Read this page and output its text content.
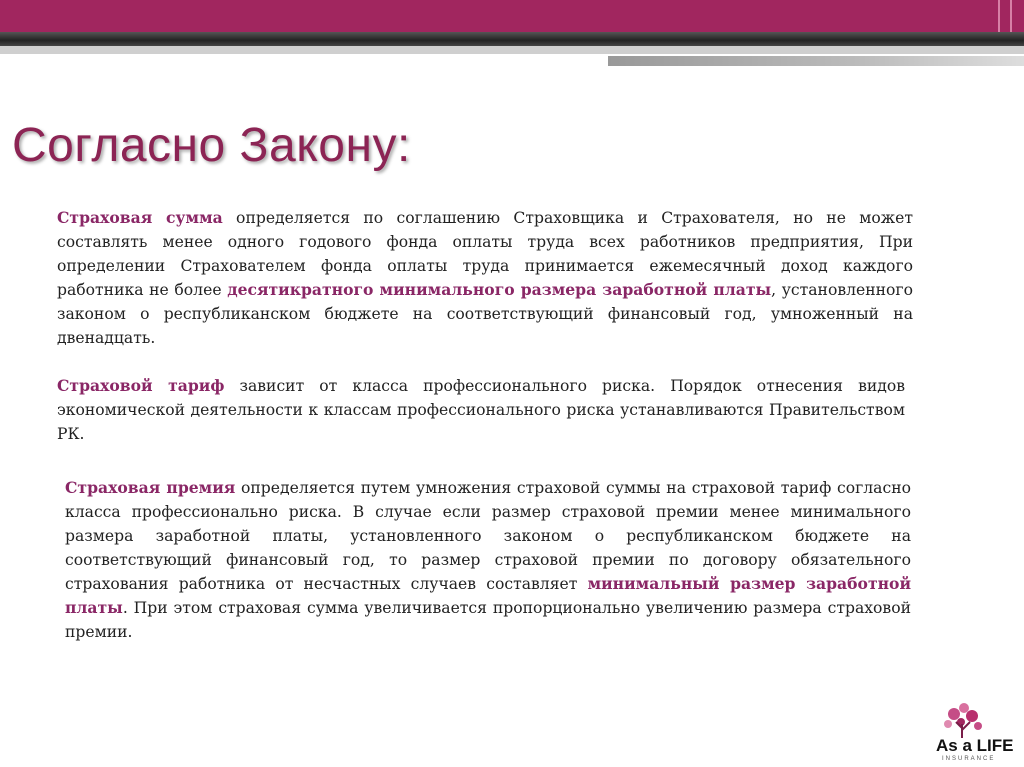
Согласно Закону:

Страховая сумма определяется по соглашению Страховщика и Страхователя, но не может составлять менее одного годового фонда оплаты труда всех работников предприятия, При определении Страхователем фонда оплаты труда принимается ежемесячный доход каждого работника не более десятикратного минимального размера заработной платы, установленного законом о республиканском бюджете на соответствующий финансовый год, умноженный на двенадцать.

Страховой тариф зависит от класса профессионального риска. Порядок отнесения видов экономической деятельности к классам профессионального риска устанавливаются Правительством РК.

Страховая премия определяется путем умножения страховой суммы на страховой тариф согласно класса профессионально риска. В случае если размер страховой премии менее минимального размера заработной платы, установленного законом о республиканском бюджете на соответствующий финансовый год, то размер страховой премии по договору обязательного страхования работника от несчастных случаев составляет минимальный размер заработной платы. При этом страховая сумма увеличивается пропорционально увеличению размера страховой премии.

As a LIFE
INSURANCE
